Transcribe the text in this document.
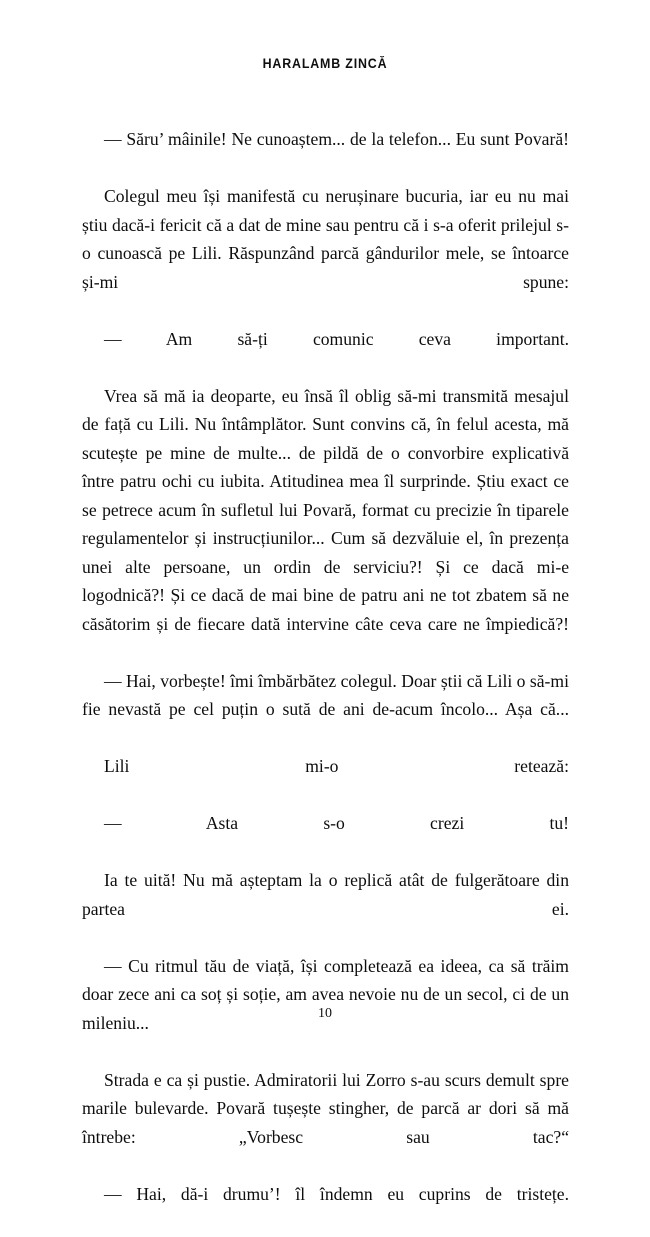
HARALAMB ZINCĂ

— Săru’ mâinile! Ne cunoaștem... de la telefon... Eu sunt Povară!

Colegul meu își manifestă cu nerușinare bucuria, iar eu nu mai știu dacă-i fericit că a dat de mine sau pentru că i s-a oferit prilejul s-o cunoască pe Lili. Răspunzând parcă gândurilor mele, se întoarce și-mi spune:

— Am să-ți comunic ceva important.

Vrea să mă ia deoparte, eu însă îl oblig să-mi transmită mesajul de față cu Lili. Nu întâmplător. Sunt convins că, în felul acesta, mă scutește pe mine de multe... de pildă de o convorbire explicativă între patru ochi cu iubita. Atitudinea mea îl surprinde. Știu exact ce se petrece acum în sufletul lui Povară, format cu precizie în tiparele regulamentelor și instrucțiunilor... Cum să dezvăluie el, în prezența unei alte persoane, un ordin de serviciu?! Și ce dacă mi-e logodnică?! Și ce dacă de mai bine de patru ani ne tot zbatem să ne căsătorim și de fiecare dată intervine câte ceva care ne împiedică?!

— Hai, vorbește! îmi îmbărbătez colegul. Doar știi că Lili o să-mi fie nevastă pe cel puțin o sută de ani de-acum încolo... Așa că...

Lili mi-o retează:

— Asta s-o crezi tu!

Ia te uită! Nu mă așteptam la o replică atât de fulgerătoare din partea ei.

— Cu ritmul tău de viață, își completează ea ideea, ca să trăim doar zece ani ca soț și soție, am avea nevoie nu de un secol, ci de un mileniu...

Strada e ca și pustie. Admiratorii lui Zorro s-au scurs demult spre marile bulevarde. Povară tușește stingher, de parcă ar dori să mă întrebe: „Vorbesc sau tac?“

— Hai, dă-i drumu’! îl îndemn eu cuprins de tristețe.

10
